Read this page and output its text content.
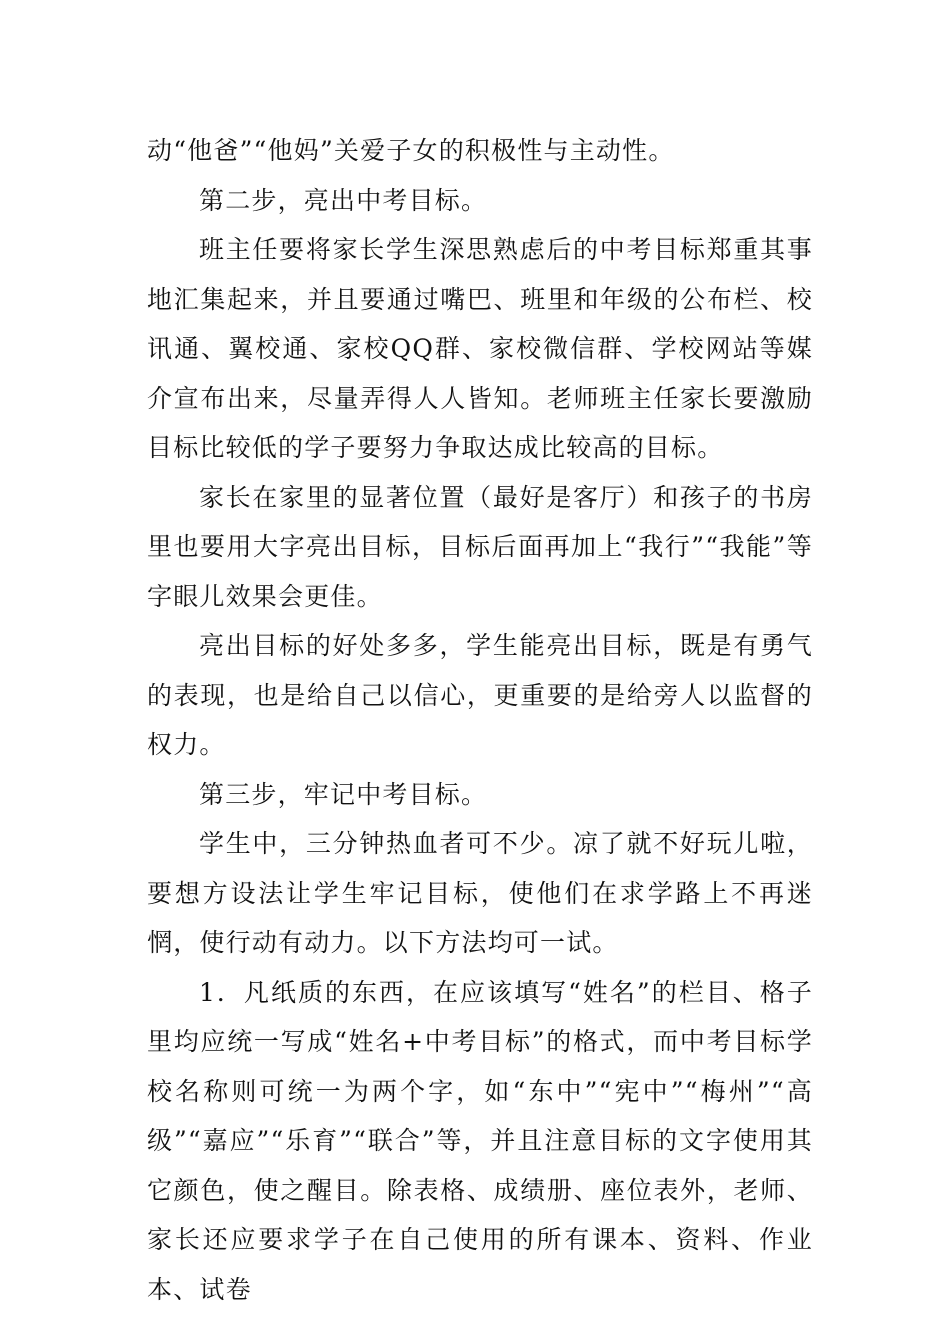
动“他爸”“他妈”关爱子女的积极性与主动性。

第二步，亮出中考目标。

班主任要将家长学生深思熟虑后的中考目标郑重其事地汇集起来，并且要通过嘴巴、班里和年级的公布栏、校讯通、翼校通、家校QQ群、家校微信群、学校网站等媒介宣布出来，尽量弄得人人皆知。老师班主任家长要激励目标比较低的学子要努力争取达成比较高的目标。

家长在家里的显著位置（最好是客厅）和孩子的书房里也要用大字亮出目标，目标后面再加上“我行”“我能”等字眼儿效果会更佳。

亮出目标的好处多多，学生能亮出目标，既是有勇气的表现，也是给自己以信心，更重要的是给旁人以监督的权力。

第三步，牢记中考目标。

学生中，三分钟热血者可不少。凉了就不好玩儿啦，要想方设法让学生牢记目标，使他们在求学路上不再迷惘，使行动有动力。以下方法均可一试。

1．凡纸质的东西，在应该填写“姓名”的栏目、格子里均应统一写成“姓名+中考目标”的格式，而中考目标学校名称则可统一为两个字，如“东中”“宪中”“梅州”“高级”“嘉应”“乐育”“联合”等，并且注意目标的文字使用其它颜色，使之醒目。除表格、成绩册、座位表外，老师、家长还应要求学子在自己使用的所有课本、资料、作业本、试卷
